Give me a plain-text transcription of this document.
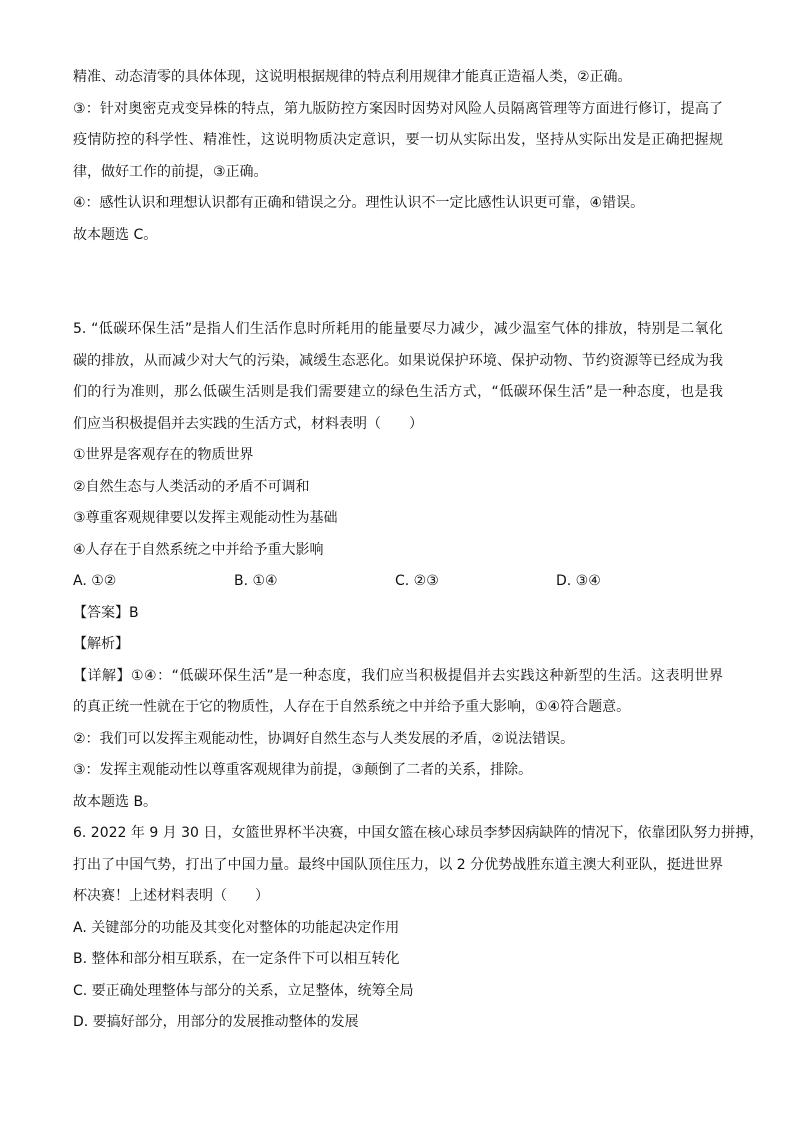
精准、动态清零的具体体现，这说明根据规律的特点利用规律才能真正造福人类，②正确。
③：针对奥密克戎变异株的特点，第九版防控方案因时因势对风险人员隔离管理等方面进行修订，提高了
疫情防控的科学性、精准性，这说明物质决定意识，要一切从实际出发，坚持从实际出发是正确把握规
律，做好工作的前提，③正确。
④：感性认识和理想认识都有正确和错误之分。理性认识不一定比感性认识更可靠，④错误。
故本题选 C。
5. “低碳环保生活”是指人们生活作息时所耗用的能量要尽力减少，减少温室气体的排放，特别是二氧化
碳的排放，从而减少对大气的污染，减缓生态恶化。如果说保护环境、保护动物、节约资源等已经成为我
们的行为准则，那么低碳生活则是我们需要建立的绿色生活方式，“低碳环保生活”是一种态度，也是我
们应当积极提倡并去实践的生活方式，材料表明（　　）
①世界是客观存在的物质世界
②自然生态与人类活动的矛盾不可调和
③尊重客观规律要以发挥主观能动性为基础
④人存在于自然系统之中并给予重大影响
A. ①②	B. ①④	C. ②③	D. ③④
【答案】B
【解析】
【详解】①④：“低碳环保生活”是一种态度，我们应当积极提倡并去实践这种新型的生活。这表明世界
的真正统一性就在于它的物质性，人存在于自然系统之中并给予重大影响，①④符合题意。
②：我们可以发挥主观能动性，协调好自然生态与人类发展的矛盾，②说法错误。
③：发挥主观能动性以尊重客观规律为前提，③颠倒了二者的关系，排除。
故本题选 B。
6. 2022 年 9 月 30 日，女篮世界杯半决赛，中国女篮在核心球员李梦因病缺阵的情况下，依靠团队努力拼搏，
打出了中国气势，打出了中国力量。最终中国队顶住压力，以 2 分优势战胜东道主澳大利亚队，挺进世界
杯决赛！上述材料表明（　　）
A. 关键部分的功能及其变化对整体的功能起决定作用
B. 整体和部分相互联系，在一定条件下可以相互转化
C. 要正确处理整体与部分的关系，立足整体，统筹全局
D. 要搞好部分，用部分的发展推动整体的发展
